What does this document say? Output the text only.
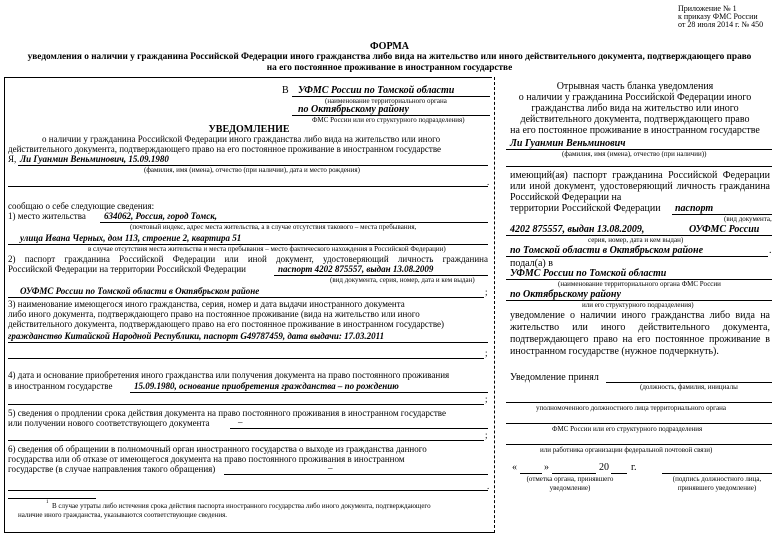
Приложение № 1
к приказу ФМС России
от 28 июля 2014 г. № 450
ФОРМА
уведомления о наличии у гражданина Российской Федерации иного гражданства либо вида на жительство или иного действительного документа, подтверждающего право
на его постоянное проживание в иностранном государстве
В УФМС России по Томской области
(наименование территориального органа
по Октябрьскому району
ФМС России или его структурного подразделения)
УВЕДОМЛЕНИЕ
о наличии у гражданина Российской Федерации иного гражданства либо вида на жительство или иного
действительного документа, подтверждающего право на его постоянное проживание в иностранном государстве
Я, Ли Гуанмин Веньминович, 15.09.1980
(фамилия, имя (имена), отчество (при наличии), дата и место рождения)
.
сообщаю о себе следующие сведения:
1) место жительства 634062, Россия, город Томск,
(почтовый индекс, адрес места жительства, а в случае отсутствия такового – места пребывания,
улица Ивана Черных, дом 113, строение 2, квартира 51
в случае отсутствия места жительства и места пребывания – место фактического нахождения в Российской Федерации)
2) паспорт гражданина Российской Федерации или иной документ, удостоверяющий личность гражданина
Российской Федерации на территории Российской Федерации	паспорт 4202 875557, выдан 13.08.2009
(вид документа, серия, номер, дата и кем выдан)
ОУФМС России по Томской области в Октябрьском районе	;
3) наименование имеющегося иного гражданства, серия, номер и дата выдачи иностранного документа
либо иного документа, подтверждающего право на постоянное проживание (вида на жительство или иного
действительного документа, подтверждающего право на его постоянное проживание в иностранном государстве)
гражданство Китайской Народной Республики, паспорт G49787459, дата выдачи: 17.03.2011
;
4) дата и основание приобретения иного гражданства или получения документа на право постоянного проживания
в иностранном государстве 15.09.1980, основание приобретения гражданства – по рождению
;
5) сведения о продлении срока действия документа на право постоянного проживания в иностранном государстве
или получении нового соответствующего документа	–
;
6) сведения об обращении в полномочный орган иностранного государства о выходе из гражданства данного
государства или об отказе от имеющегося документа на право постоянного проживания в иностранном
государстве (в случае направления такого обращения)	–
.
1 В случае утраты либо истечения срока действия паспорта иностранного государства либо иного документа, подтверждающего
наличие иного гражданства, указываются соответствующие сведения.
Отрывная часть бланка уведомления
о наличии у гражданина Российской Федерации иного
гражданства либо вида на жительство или иного
действительного документа, подтверждающего право
на его постоянное проживание в иностранном государстве
Ли Гуанмин Веньминович
(фамилия, имя (имена), отчество (при наличии))
имеющий(ая) паспорт гражданина Российской Федерации или иной документ, удостоверяющий личность гражданина Российской Федерации на
территории Российской Федерации паспорт
(вид документа,
4202 875557, выдан 13.08.2009,	ОУФМС России
серия, номер, дата и кем выдан)
по Томской области в Октябрьском районе	.
подал(а) в
УФМС России по Томской области
(наименование территориального органа ФМС России
по Октябрьскому району
или его структурного подразделения)
уведомление о наличии иного гражданства либо вида на жительство или иного действительного документа, подтверждающего право на его постоянное проживание в иностранном государстве (нужное подчеркнуть).
Уведомление принял
(должность, фамилия, инициалы
уполномоченного должностного лица территориального органа
ФМС России или его структурного подразделения
или работника организации федеральной почтовой связи)
«	»	20 г.
(отметка органа, принявшего
уведомление)
(подпись должностного лица,
принявшего уведомление)
